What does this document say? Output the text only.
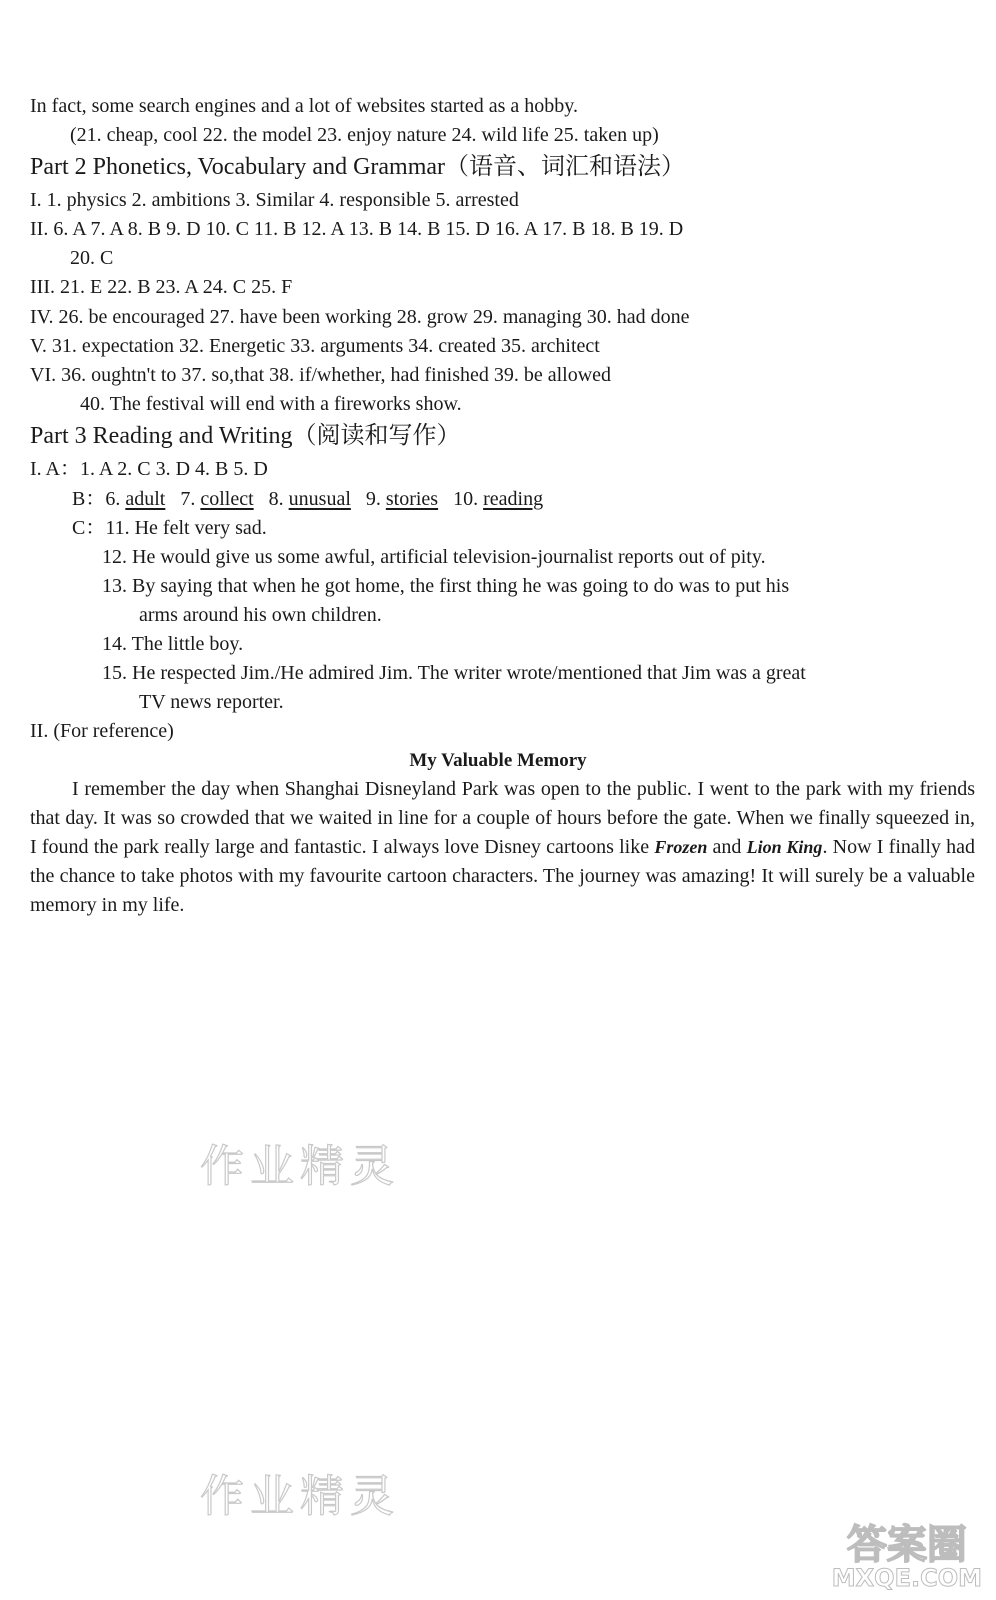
In fact, some search engines and a lot of websites started as a hobby.
(21. cheap, cool 22. the model 23. enjoy nature 24. wild life 25. taken up)
Part 2 Phonetics, Vocabulary and Grammar（语音、词汇和语法）
I. 1. physics 2. ambitions 3. Similar 4. responsible 5. arrested
II. 6. A 7. A 8. B 9. D 10. C 11. B 12. A 13. B 14. B 15. D 16. A 17. B 18. B 19. D
20. C
III. 21. E 22. B 23. A 24. C 25. F
IV. 26. be encouraged 27. have been working 28. grow 29. managing 30. had done
V. 31. expectation 32. Energetic 33. arguments 34. created 35. architect
VI. 36. oughtn't to 37. so,that 38. if/whether, had finished 39. be allowed
40. The festival will end with a fireworks show.
Part 3 Reading and Writing（阅读和写作）
I. A：1. A 2. C 3. D 4. B 5. D
B：6. adult 7. collect 8. unusual 9. stories 10. reading
C：11. He felt very sad.
12. He would give us some awful, artificial television-journalist reports out of pity.
13. By saying that when he got home, the first thing he was going to do was to put his
arms around his own children.
14. The little boy.
15. He respected Jim./He admired Jim. The writer wrote/mentioned that Jim was a great
TV news reporter.
II. (For reference)
My Valuable Memory
I remember the day when Shanghai Disneyland Park was open to the public. I went to the park with my friends that day. It was so crowded that we waited in line for a couple of hours before the gate. When we finally squeezed in, I found the park really large and fantastic. I always love Disney cartoons like Frozen and Lion King. Now I finally had the chance to take photos with my favourite cartoon characters. The journey was amazing! It will surely be a valuable memory in my life.
作业精灵
作业精灵
答案圈
MXQE.COM
